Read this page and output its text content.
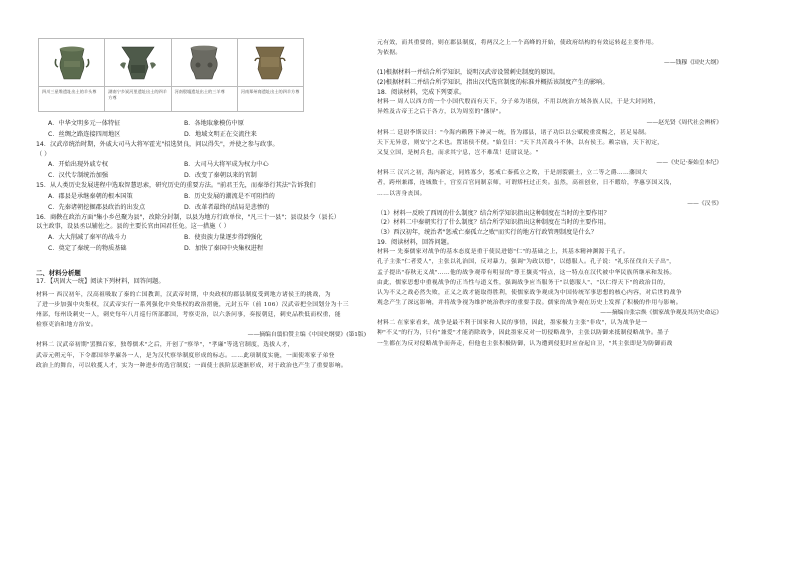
四川三星堆遗址出土的羊头尊	湖南宁乡炭河里遗址出土的四羊方尊
河南殷墟遗址出土的三羊尊	河南郑州商遗址出土的四羊方尊
A．中华文明多元一体特征	B．各地取象模仿中原
C．丝绸之路连接四周地区	D．地域文明正在交流往来
14．汉武帝统治时期，外戚大司马大将军霍光"招选贤良，问以得失"，并使之参与政事。
（ ）
A．开始出现外戚专权	B．大司马大将军成为权力中心
C．汉代专制统治加强	D．改变了秦朝以来的官制
15．从人类历史发展进程中选取智慧思索，研究历史的重要方法。"前君王先，而秦举行其法"告诉我们
A．郡县是承继秦朝的根本国策	B．历史发展的潮流是不可阻挡的
C．先秦诸朝挖掘郡县政治的出发点	D．改革者最终的结局是悲惨的
16．商鞅在政治方面"集小乡邑聚为县"，改除分封制，以县为地方行政单位，"凡三十一县"；县设县令（县长）
以主政事，设县丞以辅佐之。县的主要长官由国君任免。这一措施（ ）
A．大大削减了秦军的战斗力	B．使贵族力量逐步得到强化
C．奠定了秦统一的物质基础	D．加快了秦国中央集权进程
二、材料分析题
17．【巩固大一统】阅读下列材料，回答问题。
材料一 西汉初年，汉高祖吸取了秦的亡国教训，汉武帝时期，中央政权的郡县制度受到地方诸侯王的挑战，为
了进一步加强中央集权，汉武帝实行一系列强化中央集权的政治措施，元封五年（前 106）汉武帝把全国划分为十三
州部，每州设刺史一人，刺史每年八月巡行所部郡国，考察吏治，以六条问事，奏报朝廷，刺史品秩低而权重，能
检察吏治和地方治安。
——摘编自翦伯赞主编《中国史纲要》(第1版)
材料二 汉武帝初期"罢黜百家，独尊儒术"之后，开创了"察举"，"孝廉"等选官制度，选拔人才，
武帝元朔元年，下令郡国举孝廉各一人，是为汉代察举制度形成的标志。……此项制度实施，一面使寒家子弟登
政治上的舞台，可以收揽人才，实为一种进步的选官制度；一面使士族阶层逐渐形成，对于政治也产生了重要影响。
元有效，而其重要的，则在郡县制度，将两汉之上一个高峰的开始，使政府结构的有效运转起主要作用。
为依据。
——钱穆《国史大纲》
(1)根据材料一并结合所学知识，说明汉武帝设置刺史制度的原因。
(2)根据材料二并结合所学知识，指出汉代选官制度的标准并概括该制度产生的影响。
18．阅读材料，完成下列要求。
材料一 周人以西方的一个小国代殷而有天下，分子弟为诸侯，不用以统治方域各族人民，于是大封同姓，
异姓及古帝王之后于各方，以为周室的"藩屏"。
——赵光贤《周代社会辨析》
材料二 廷尉李斯议曰："今海内赖陛下神灵一统，皆为郡县，诸子功臣以公赋税重赏赐之，甚足易制。
天下无异意，则安宁之术也。置诸侯不便。"始皇曰："天下共苦战斗不休，以有侯王。赖宗庙，天下初定，
又复立国，是树兵也，而求其宁息，岂不难哉！廷尉议是。"
——《史记·秦始皇本纪》
材料三 汉兴之初，海内新定，同姓寡少，惩戒亡秦孤立之败，于是剖裂疆土，立二等之爵……藩国大
者，跨州兼郡，连城数十，宫室百官同制京师，可谓矫枉过正矣。虽然，高祖创业，日不暇给，孝惠享国又浅，
……以害身丧国。
——《汉书》
（1）材料一反映了西周的什么制度？结合所学知识指出这种制度在当时的主要作用？
（2）材料二中秦朝实行了什么制度？结合所学知识指出这种制度在当时的主要作用。
（3）西汉初年，统治者"惩戒亡秦孤立之败"而实行的地方行政管理制度是什么？
19．阅读材料，回答问题。
材料一 先秦儒家对战争的基本态度是重于使民进德"仁"的基础之上，其基本精神渊源于孔子。
孔子主张"仁者爱人"，主张以礼治国，反对暴力，强调"为政以德"，以德服人。孔子说："礼乐征伐自天子出"，
孟子提出"春秋无义战"……他的战争观带有明显的"尊王攘夷"特点，这一特点在汉代被中华民族所继承和发扬。
由此，儒家思想中重视战争的正当性与道义性，强调战争应当服务于"以德服人"、"以仁得天下"的政治目的，
认为不义之战必然失败，正义之战才能取得胜利，使儒家战争观成为中国传统军事思想的核心内容，对后世的战争
观念产生了深远影响，并将战争视为维护统治秩序的重要手段。儒家的战争观在历史上发挥了积极的作用与影响。
——摘编自张宗焕《儒家战争观及其历史命运》
材料二 在家家看来，战争是最不利于国家和人民的事情，因此，墨家极力主张"非攻"，认为战争是一
种"不义"的行为，只有"兼爱"才能消除战争，因此墨家反对一切侵略战争，主张以防御来抵制侵略战争。墨子
一生都在为反对侵略战争而奔走，但他也主张积极防御，认为遭到侵犯时应奋起自卫，"其主张即是为防御而战
